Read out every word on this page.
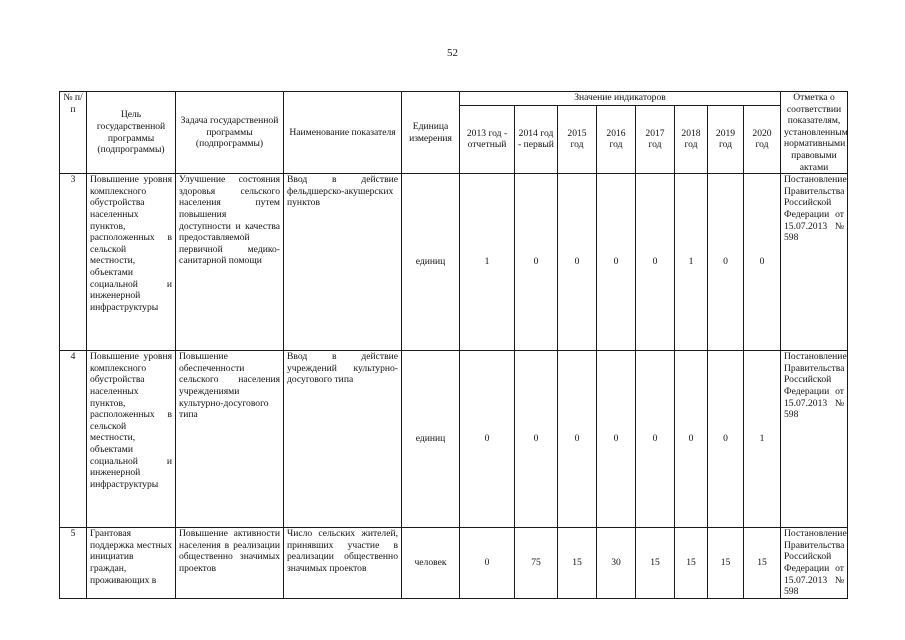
52
№ п/п	Цель государственной программы (подпрограммы)	Задача государственной программы (подпрограммы)	Наименование показателя	Единица измерения	Значение индикаторов								Отметка о соответствии показателям, установленным нормативными правовыми актами
					2013 год - отчетный	2014 год - первый	2015 год	2016 год	2017 год	2018 год	2019 год	2020 год	
3	Повышение уровня комплексного обустройства населенных пунктов, расположенных в сельской местности, объектами социальной и инженерной инфраструктуры	Улучшение состояния здоровья сельского населения путем повышения доступности и качества предоставляемой первичной медико-санитарной помощи	Ввод в действие фельдшерско-акушерских пунктов	единиц	1	0	0	0	0	1	0	0	Постановление Правительства Российской Федерации от 15.07.2013 № 598
4	Повышение уровня комплексного обустройства населенных пунктов, расположенных в сельской местности, объектами социальной и инженерной инфраструктуры	Повышение обеспеченности сельского населения учреждениями культурно-досугового типа	Ввод в действие учреждений культурно-досугового типа	единиц	0	0	0	0	0	0	0	1	Постановление Правительства Российской Федерации от 15.07.2013 № 598
5	Грантовая поддержка местных инициатив граждан, проживающих в	Повышение активности населения в реализации общественно значимых проектов	Число сельских жителей, принявших участие в реализации общественно значимых проектов	человек	0	75	15	30	15	15	15	15	Постановление Правительства Российской Федерации от 15.07.2013 № 598
